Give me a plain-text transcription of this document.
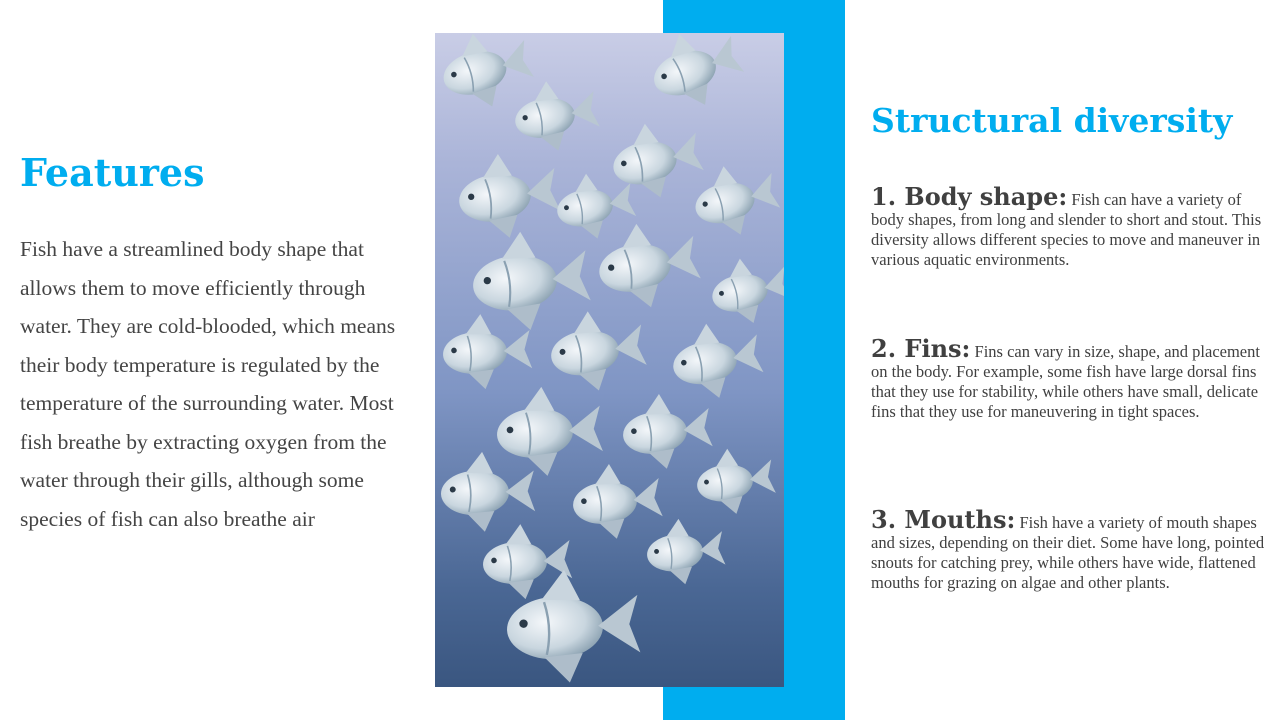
Features

Fish have a streamlined body shape that allows them to move efficiently through water. They are cold-blooded, which means their body temperature is regulated by the temperature of the surrounding water. Most fish breathe by extracting oxygen from the water through their gills, although some species of fish can also breathe air

Structural diversity

1. Body shape: Fish can have a variety of body shapes, from long and slender to short and stout. This diversity allows different species to move and maneuver in various aquatic environments.

2. Fins: Fins can vary in size, shape, and placement on the body. For example, some fish have large dorsal fins that they use for stability, while others have small, delicate fins that they use for maneuvering in tight spaces.

3. Mouths: Fish have a variety of mouth shapes and sizes, depending on their diet. Some have long, pointed snouts for catching prey, while others have wide, flattened mouths for grazing on algae and other plants.
